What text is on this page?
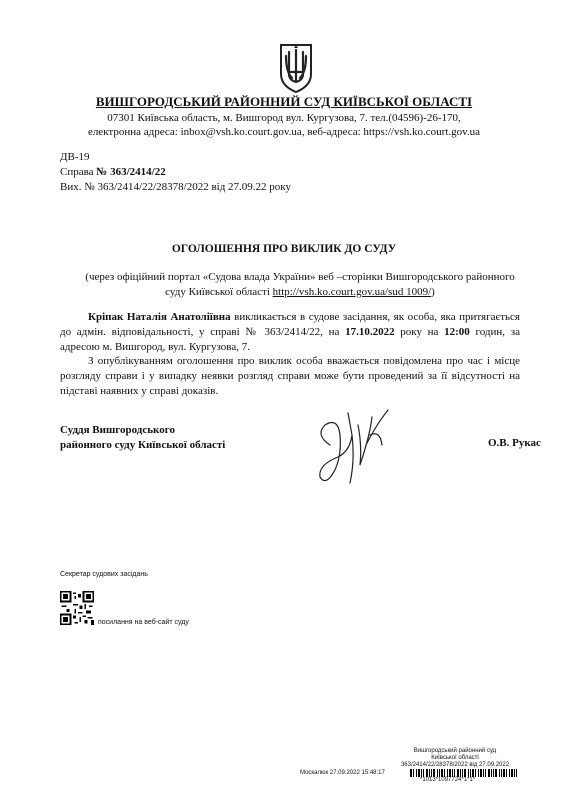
ВИШГОРОДСЬКИЙ РАЙОННИЙ СУД КИЇВСЬКОЇ ОБЛАСТІ
07301 Київська область, м. Вишгород вул. Кургузова, 7. тел.(04596)-26-170,
електронна адреса: inbox@vsh.ko.court.gov.ua, веб-адреса: https://vsh.ko.court.gov.ua
ДВ-19
Справа № 363/2414/22
Вих. № 363/2414/22/28378/2022 від 27.09.22 року
ОГОЛОШЕННЯ ПРО ВИКЛИК ДО СУДУ
(через офіційний портал «Судова влада України» веб –сторінки Вишгородського районного
суду Київської області http://vsh.ko.court.gov.ua/sud 1009/)
Кріпак Наталія Анатоліївна викликається в судове засідання, як особа, яка притягається до адмін. відповідальності, у справі № 363/2414/22, на 17.10.2022 року на 12:00 годин, за адресою м. Вишгород, вул. Кургузова, 7.
З опублікуванням оголошення про виклик особа вважається повідомлена про час і місце розгляду справи і у випадку неявки розгляд справи може бути проведений за її відсутності на підставі наявних у справі доказів.
Суддя Вишгородського
районного суду Київської області	О.В. Рукас
Секретар судових засідань
посилання на веб-сайт суду
Вишгородський районний суд
Київської області
363/2414/22/28378/2022 від 27.09.2022
Москалюк 27.09.2022 15:48:17
*1013*1097724*1*1*
